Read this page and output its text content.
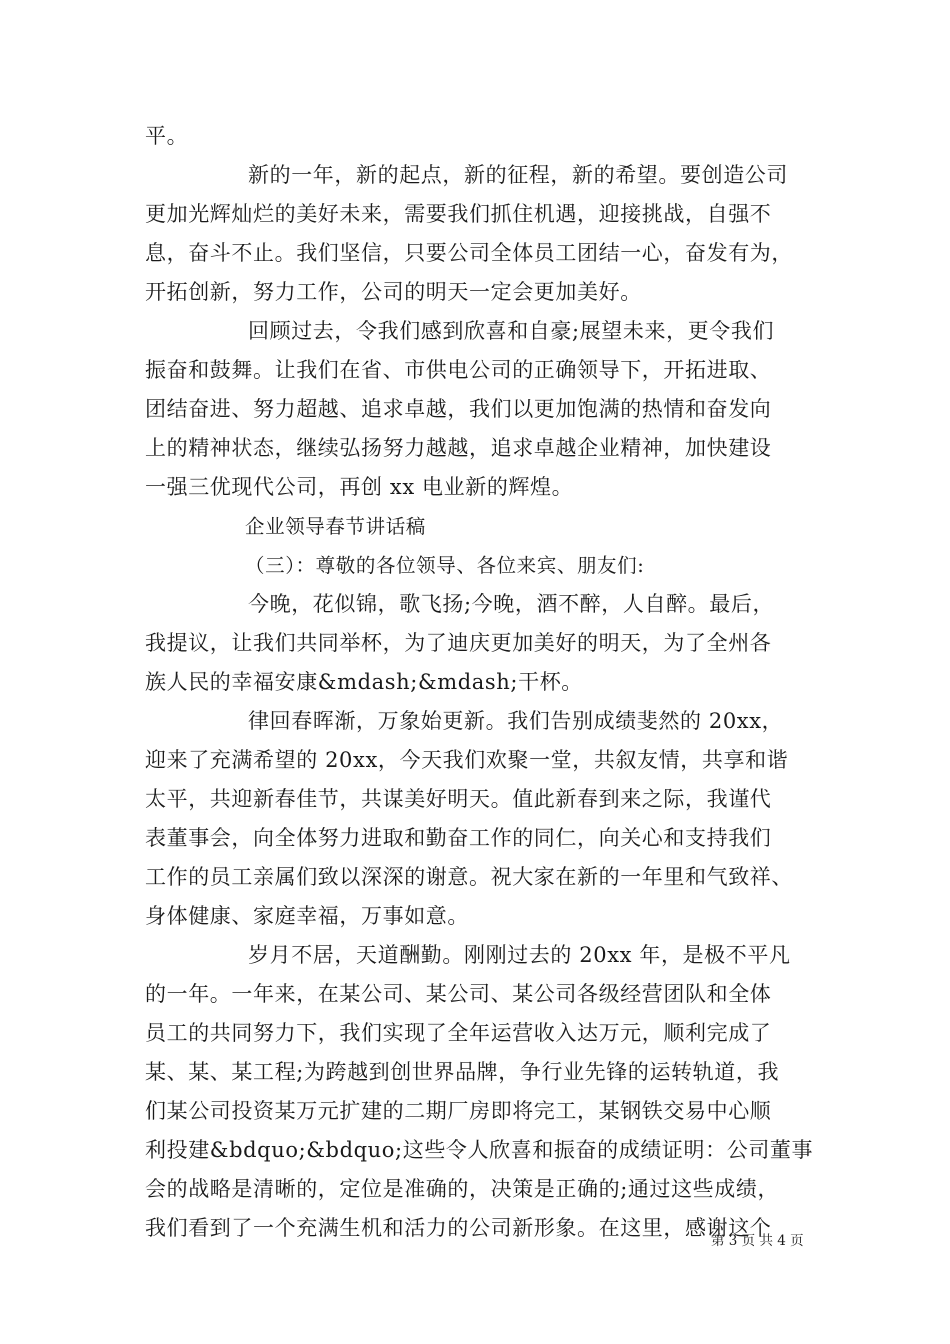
平。
新的一年，新的起点，新的征程，新的希望。要创造公司
更加光辉灿烂的美好未来，需要我们抓住机遇，迎接挑战，自强不
息，奋斗不止。我们坚信，只要公司全体员工团结一心，奋发有为，
开拓创新，努力工作，公司的明天一定会更加美好。
回顾过去，令我们感到欣喜和自豪;展望未来，更令我们
振奋和鼓舞。让我们在省、市供电公司的正确领导下，开拓进取、
团结奋进、努力超越、追求卓越，我们以更加饱满的热情和奋发向
上的精神状态，继续弘扬努力越越，追求卓越企业精神，加快建设
一强三优现代公司，再创 xx 电业新的辉煌。
企业领导春节讲话稿
（三）：尊敬的各位领导、各位来宾、朋友们:
今晚，花似锦，歌飞扬;今晚，酒不醉，人自醉。最后，
我提议，让我们共同举杯，为了迪庆更加美好的明天，为了全州各
族人民的幸福安康&mdash;&mdash;干杯。
律回春晖渐，万象始更新。我们告别成绩斐然的 20xx，
迎来了充满希望的 20xx，今天我们欢聚一堂，共叙友情，共享和谐
太平，共迎新春佳节，共谋美好明天。值此新春到来之际，我谨代
表董事会，向全体努力进取和勤奋工作的同仁，向关心和支持我们
工作的员工亲属们致以深深的谢意。祝大家在新的一年里和气致祥、
身体健康、家庭幸福，万事如意。
岁月不居，天道酬勤。刚刚过去的 20xx 年，是极不平凡
的一年。一年来，在某公司、某公司、某公司各级经营团队和全体
员工的共同努力下，我们实现了全年运营收入达万元，顺利完成了
某、某、某工程;为跨越到创世界品牌，争行业先锋的运转轨道，我
们某公司投资某万元扩建的二期厂房即将完工，某钢铁交易中心顺
利投建&bdquo;&bdquo;这些令人欣喜和振奋的成绩证明：公司董事
会的战略是清晰的，定位是准确的，决策是正确的;通过这些成绩，
我们看到了一个充满生机和活力的公司新形象。在这里，感谢这个
第 3 页 共 4 页
